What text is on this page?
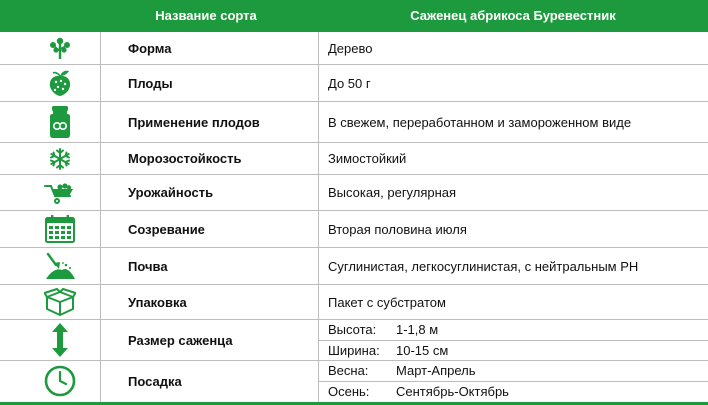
Название сорта	Саженец абрикоса Буревестник
Форма	Дерево
Плоды	До 50 г
Применение плодов	В свежем, переработанном и замороженном виде
Морозостойкость	Зимостойкий
Урожайность	Высокая, регулярная
Созревание	Вторая половина июля
Почва	Суглинистая, легкосуглинистая, с нейтральным PH
Упаковка	Пакет с субстратом
Размер саженца
Высота: 1-1,8 м
Ширина: 10-15 см
Посадка
Весна: Март-Апрель
Осень: Сентябрь-Октябрь
